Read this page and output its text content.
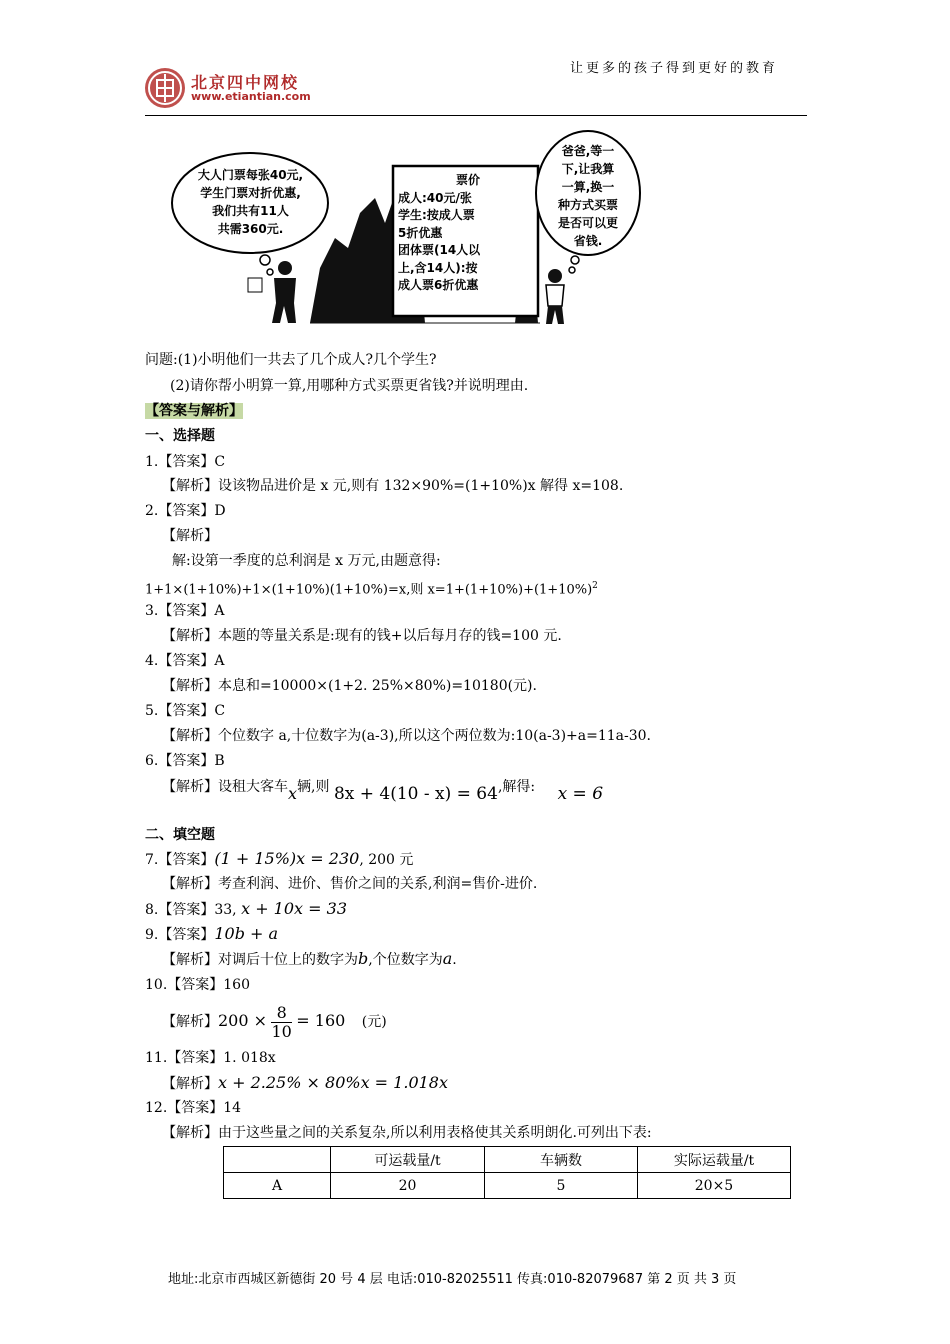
让更多的孩子得到更好的教育
北京四中网校
www.etiantian.com
大人门票每张40元,
学生门票对折优惠,
我们共有11人
共需360元.
票价
成人:40元/张
学生:按成人票
5折优惠
团体票(14人以
上,含14人):按
成人票6折优惠
爸爸,等一
下,让我算
一算,换一
种方式买票
是否可以更
省钱.
问题:(1)小明他们一共去了几个成人?几个学生?
(2)请你帮小明算一算,用哪种方式买票更省钱?并说明理由.
【答案与解析】
一、选择题
1.【答案】C
【解析】设该物品进价是 x 元,则有 132×90%=(1+10%)x 解得 x=108.
2.【答案】D
【解析】
解:设第一季度的总利润是 x 万元,由题意得:
1+1×(1+10%)+1×(1+10%)(1+10%)=x,则 $x=1+(1+10\%)+(1+10\%)^2$
3.【答案】A
【解析】本题的等量关系是:现有的钱+以后每月存的钱=100 元.
4.【答案】A
【解析】本息和=10000×(1+2. 25%×80%)=10180(元).
5.【答案】C
【解析】个位数字 a,十位数字为(a-3),所以这个两位数为:10(a-3)+a=11a-30.
6.【答案】B
【解析】设租大客车x辆,则 8x + 4(10 - x) = 64,解得: x = 6
二、填空题
7.【答案】(1 + 15%)x = 230, 200 元
【解析】考查利润、进价、售价之间的关系,利润=售价-进价.
8.【答案】33, x + 10x = 33
9.【答案】10b + a
【解析】对调后十位上的数字为b,个位数字为a.
10.【答案】160
【解析】$200 \times \frac{8}{10} = 160$ (元)
11.【答案】1. 018x
【解析】x + 2.25% × 80%x = 1.018x
12.【答案】14
【解析】由于这些量之间的关系复杂,所以利用表格使其关系明朗化.可列出下表:
	可运载量/t	车辆数	实际运载量/t
A	20	5	20×5
地址:北京市西城区新德街 20 号 4 层 电话:010-82025511 传真:010-82079687 第 2 页 共 3 页
